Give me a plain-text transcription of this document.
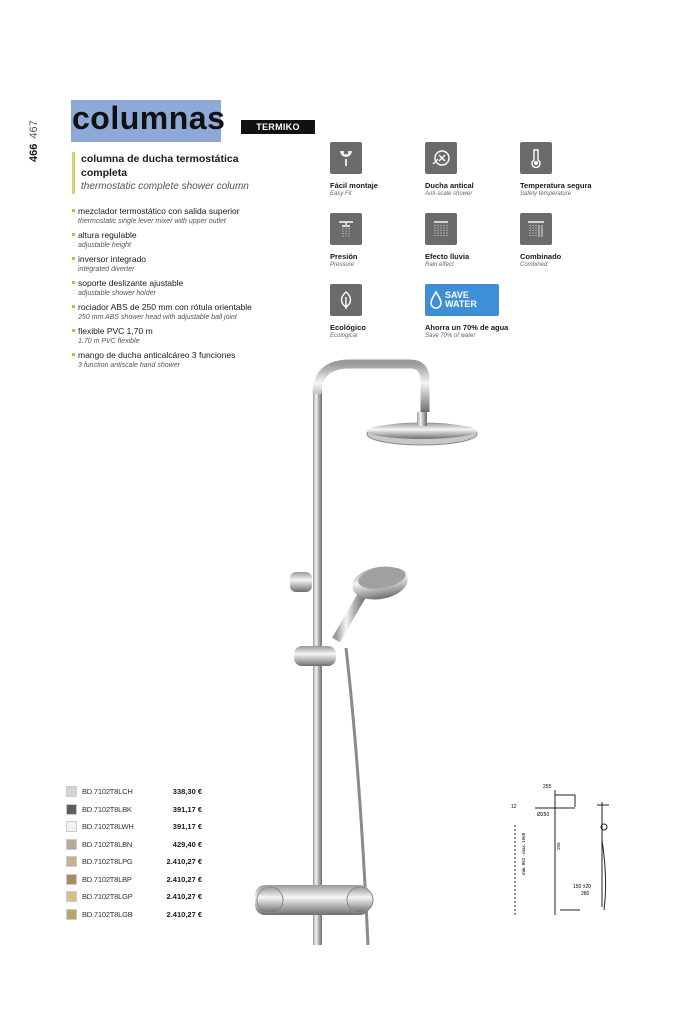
466 467 columnas	TERMIKO
columna de ducha termostática
completa
thermostatic complete shower column
mezclador termostático con salida superior
thermostatic single lever mixer with upper outlet
altura regulable
adjustable height
inversor integrado
integrated diverter
soporte deslizante ajustable
adjustable shower holder
rociador ABS de 250 mm con rótula orientable
250 mm ABS shower head with adjustable ball joint
flexible PVC 1,70 m
1.70 m PVC flexible
mango de ducha anticalcáreo 3 funciones
3 function antiscale hand shower
Fácil montaje
Easy Fit
Ducha antical
Anti-scale shower
Temperatura segura
Safety temperature
Presión
Pressure
Efecto lluvia
Rain effect
Combinado
Combined
Ecológico
Ecological
SAVE
WATER
Ahorra un 70% de agua
Save 70% of water
255
Ø250
12
min. 862 - max. 1068	250
150 ±20
280
BD.7102T8LCH	338,30 €
BD.7102T8LBK	391,17 €
BD.7102T8LWH	391,17 €
BD.7102T8LBN	429,40 €
BD.7102T8LPG	2.410,27 €
BD.7102T8LBP	2.410,27 €
BD.7102T8LGP	2.410,27 €
BD.7102T8LGB	2.410,27 €
